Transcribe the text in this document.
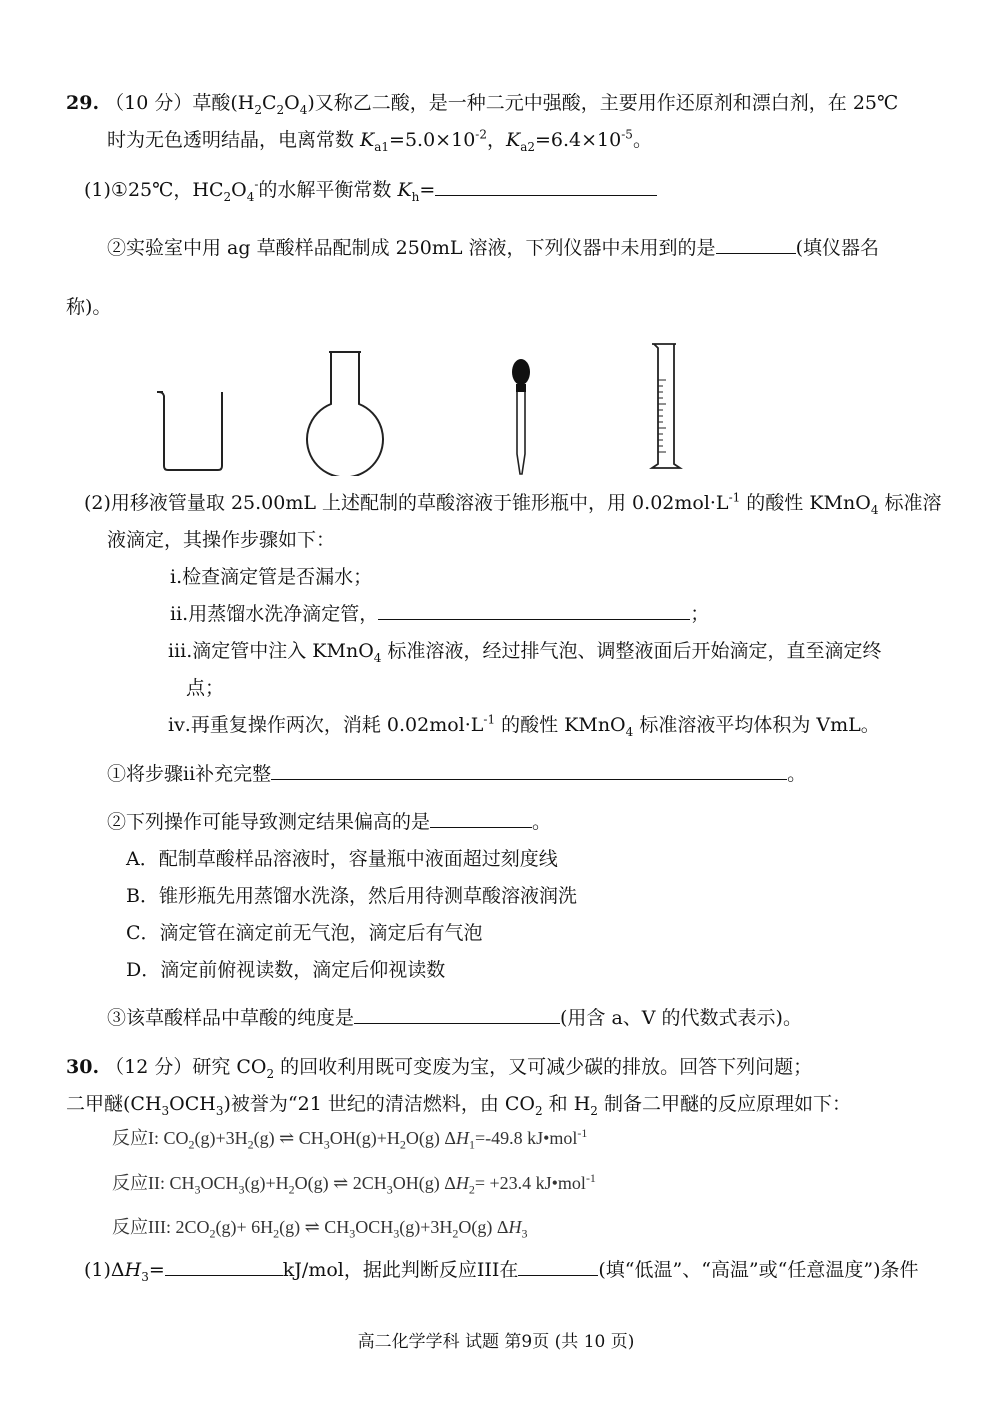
29. （10 分）草酸$(H_2C_2O_4)$又称乙二酸，是一种二元中强酸，主要用作还原剂和漂白剂，在 25℃
时为无色透明结晶，电离常数 $K_{a1}=5.0\times 10^{-2}$，$K_{a2}=6.4\times 10^{-5}$。
(1)①25℃，$HC_2O_4^-$的水解平衡常数 $K_h=$
②实验室中用 ag 草酸样品配制成 250mL 溶液，下列仪器中未用到的是	(填仪器名
称)。
(2)用移液管量取 25.00mL 上述配制的草酸溶液于锥形瓶中，用 $0.02mol\cdot L^{-1}$ 的酸性 KMnO$_4$ 标准溶
液滴定，其操作步骤如下：
ⅰ.检查滴定管是否漏水；
ⅱ.用蒸馏水洗净滴定管，	；
ⅲ.滴定管中注入 KMnO$_4$ 标准溶液，经过排气泡、调整液面后开始滴定，直至滴定终
点；
ⅳ.再重复操作两次，消耗 $0.02mol\cdot L^{-1}$ 的酸性 KMnO$_4$ 标准溶液平均体积为 VmL。
①将步骤ⅱ补充完整	。
②下列操作可能导致测定结果偏高的是	。
A．配制草酸样品溶液时，容量瓶中液面超过刻度线
B．锥形瓶先用蒸馏水洗涤，然后用待测草酸溶液润洗
C．滴定管在滴定前无气泡，滴定后有气泡
D．滴定前俯视读数，滴定后仰视读数
③该草酸样品中草酸的纯度是	(用含 a、V 的代数式表示)。
30. （12 分）研究 $CO_2$ 的回收利用既可变废为宝，又可减少碳的排放。回答下列问题；
二甲醚$(CH_3OCH_3)$被誉为“21 世纪的清洁燃料，由 $CO_2$ 和 $H_2$ 制备二甲醚的反应原理如下：
反应I: $CO_2(g)+3H_2(g)$ ⇌ $CH_3OH(g)+H_2O(g)$ $\Delta H_1=-49.8$ kJ•mol$^{-1}$
反应II: $CH_3OCH_3(g)+H_2O(g)$ ⇌ $2CH_3OH(g)$ $\Delta H_2= +23.4$ kJ•mol$^{-1}$
反应III: $2CO_2(g)+ 6H_2(g)$ ⇌ $CH_3OCH_3(g)+3H_2O(g)$ $\Delta H_3$
$(1)\Delta H_3=$	kJ/mol，据此判断反应III在	(填“低温”、“高温”或“任意温度”)条件
高二化学学科 试题 第9页 (共 10 页)
